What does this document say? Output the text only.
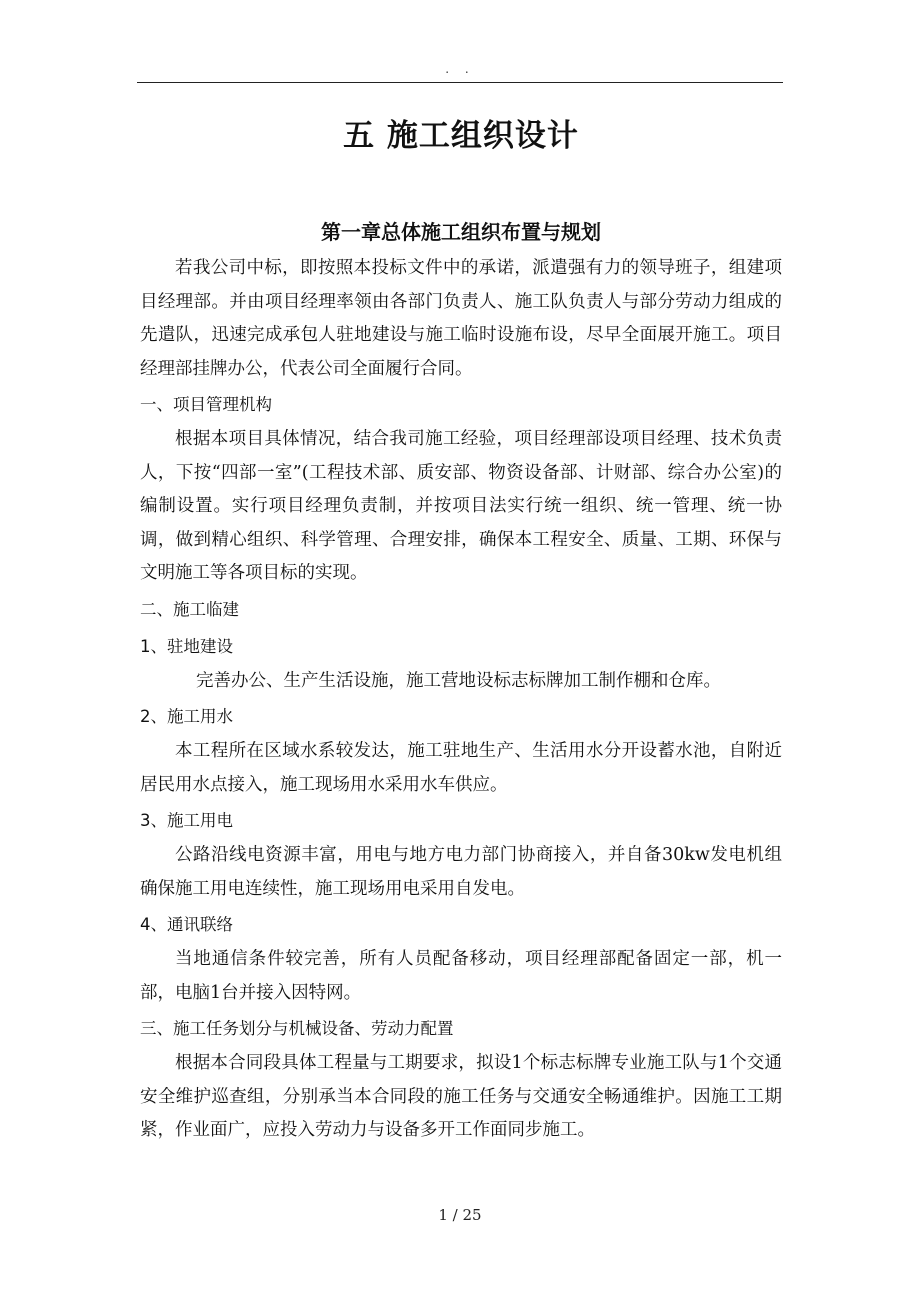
. .
五 施工组织设计
第一章总体施工组织布置与规划

若我公司中标，即按照本投标文件中的承诺，派遣强有力的领导班子，组建项目经理部。并由项目经理率领由各部门负责人、施工队负责人与部分劳动力组成的先遣队，迅速完成承包人驻地建设与施工临时设施布设，尽早全面展开施工。项目经理部挂牌办公，代表公司全面履行合同。

一、项目管理机构

根据本项目具体情况，结合我司施工经验，项目经理部设项目经理、技术负责人，下按“四部一室”(工程技术部、质安部、物资设备部、计财部、综合办公室)的编制设置。实行项目经理负责制，并按项目法实行统一组织、统一管理、统一协调，做到精心组织、科学管理、合理安排，确保本工程安全、质量、工期、环保与文明施工等各项目标的实现。

二、施工临建
1、驻地建设

完善办公、生产生活设施，施工营地设标志标牌加工制作棚和仓库。

2、施工用水

本工程所在区域水系较发达，施工驻地生产、生活用水分开设蓄水池，自附近居民用水点接入，施工现场用水采用水车供应。

3、施工用电

公路沿线电资源丰富，用电与地方电力部门协商接入，并自备30kw发电机组确保施工用电连续性，施工现场用电采用自发电。

4、通讯联络

当地通信条件较完善，所有人员配备移动，项目经理部配备固定一部，机一部，电脑1台并接入因特网。

三、施工任务划分与机械设备、劳动力配置

根据本合同段具体工程量与工期要求，拟设1个标志标牌专业施工队与1个交通安全维护巡查组，分别承当本合同段的施工任务与交通安全畅通维护。因施工工期紧，作业面广，应投入劳动力与设备多开工作面同步施工。

1 / 25
